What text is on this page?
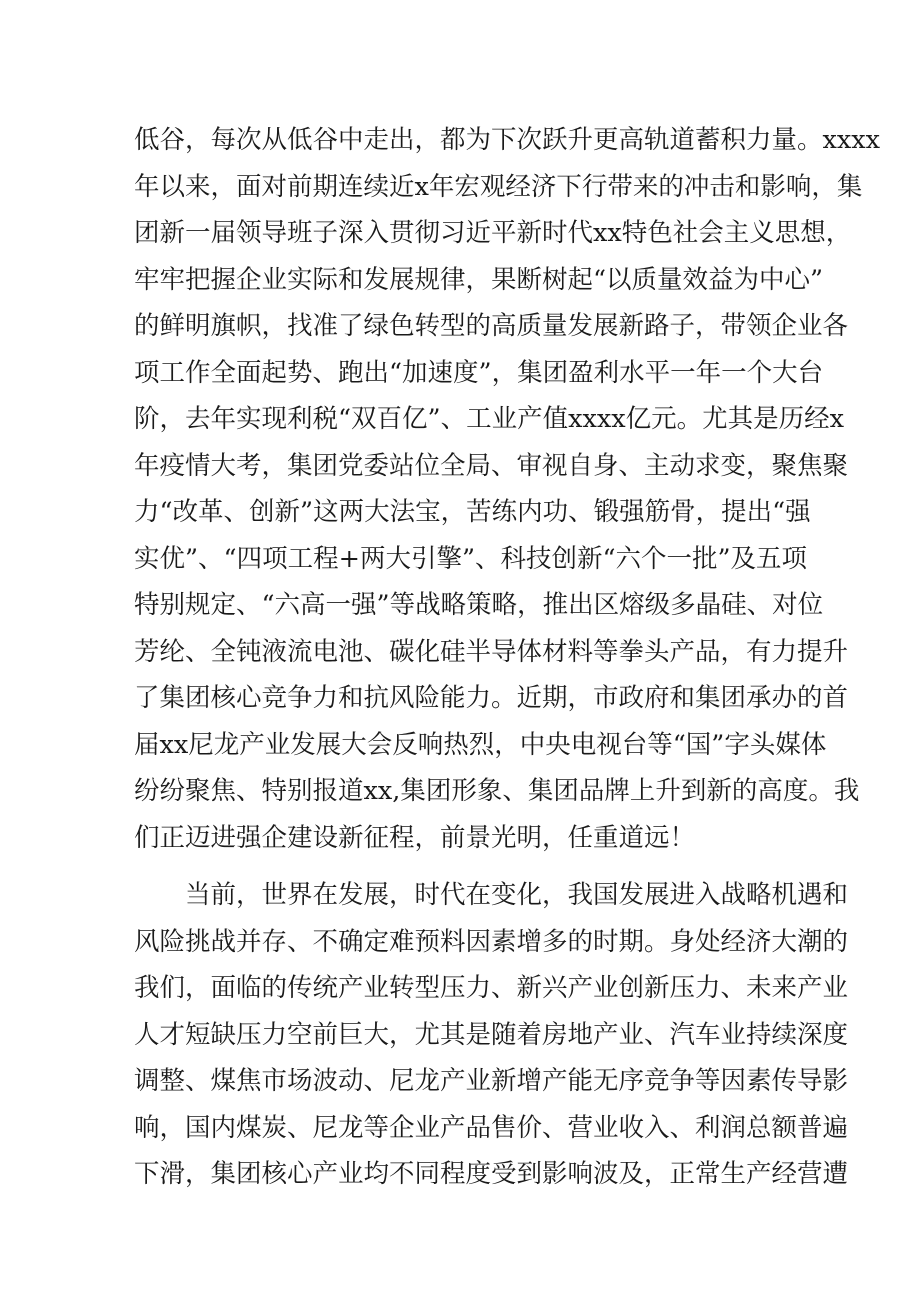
低谷，每次从低谷中走出，都为下次跃升更高轨道蓄积力量。xxxx
年以来，面对前期连续近x年宏观经济下行带来的冲击和影响，集
团新一届领导班子深入贯彻习近平新时代xx特色社会主义思想，
牢牢把握企业实际和发展规律，果断树起“以质量效益为中心”
的鲜明旗帜，找准了绿色转型的高质量发展新路子，带领企业各
项工作全面起势、跑出“加速度”，集团盈利水平一年一个大台
阶，去年实现利税“双百亿”、工业产值xxxx亿元。尤其是历经x
年疫情大考，集团党委站位全局、审视自身、主动求变，聚焦聚
力“改革、创新”这两大法宝，苦练内功、锻强筋骨，提出“强
实优”、“四项工程+两大引擎”、科技创新“六个一批”及五项
特别规定、“六高一强”等战略策略，推出区熔级多晶硅、对位
芳纶、全钝液流电池、碳化硅半导体材料等拳头产品，有力提升
了集团核心竞争力和抗风险能力。近期，市政府和集团承办的首
届xx尼龙产业发展大会反响热烈，中央电视台等“国”字头媒体
纷纷聚焦、特别报道xx,集团形象、集团品牌上升到新的高度。我
们正迈进强企建设新征程，前景光明，任重道远！
　　当前，世界在发展，时代在变化，我国发展进入战略机遇和
风险挑战并存、不确定难预料因素增多的时期。身处经济大潮的
我们，面临的传统产业转型压力、新兴产业创新压力、未来产业
人才短缺压力空前巨大，尤其是随着房地产业、汽车业持续深度
调整、煤焦市场波动、尼龙产业新增产能无序竞争等因素传导影
响，国内煤炭、尼龙等企业产品售价、营业收入、利润总额普遍
下滑，集团核心产业均不同程度受到影响波及，正常生产经营遭
